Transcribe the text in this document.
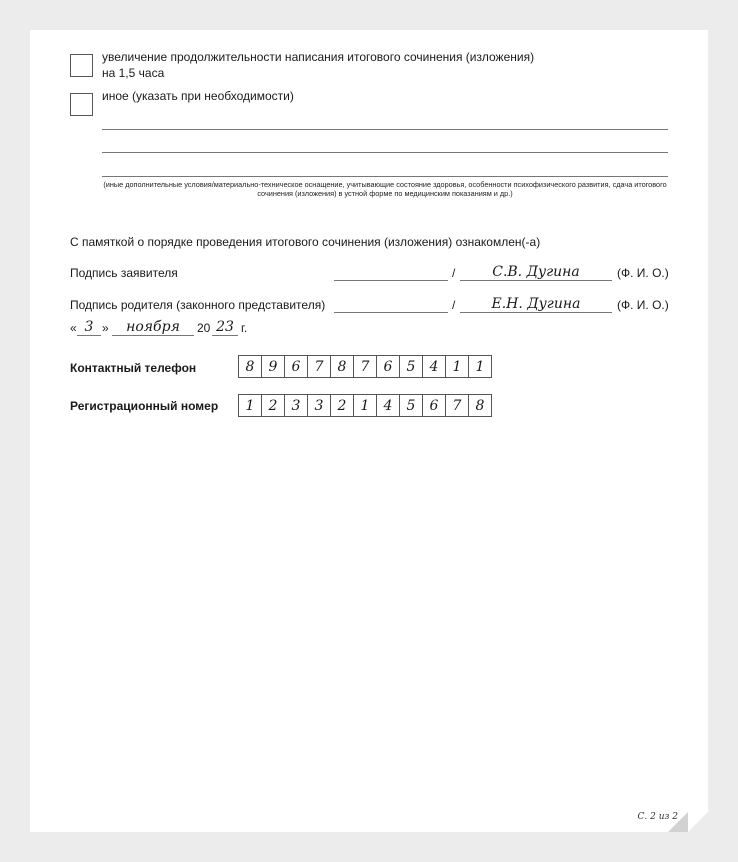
увеличение продолжительности написания итогового сочинения (изложения)
на 1,5 часа
иное (указать при необходимости)
(иные дополнительные условия/материально-техническое оснащение, учитывающие состояние здоровья, особенности психофизического развития, сдача итогового сочинения (изложения) в устной форме по медицинским показаниям и др.)
С памяткой о порядке проведения итогового сочинения (изложения) ознакомлен(-а)
Подпись заявителя	/	С.В. Дугина	(Ф. И. О.)
Подпись родителя (законного представителя)	/	Е.Н. Дугина	(Ф. И. О.)
« 3 »	ноября	20 23 г.
Контактный телефон	8	9	6	7	8	7	6	5	4	1	1
Регистрационный номер	1	2	3	3	2	1	4	5	6	7	8
С. 2 из 2
